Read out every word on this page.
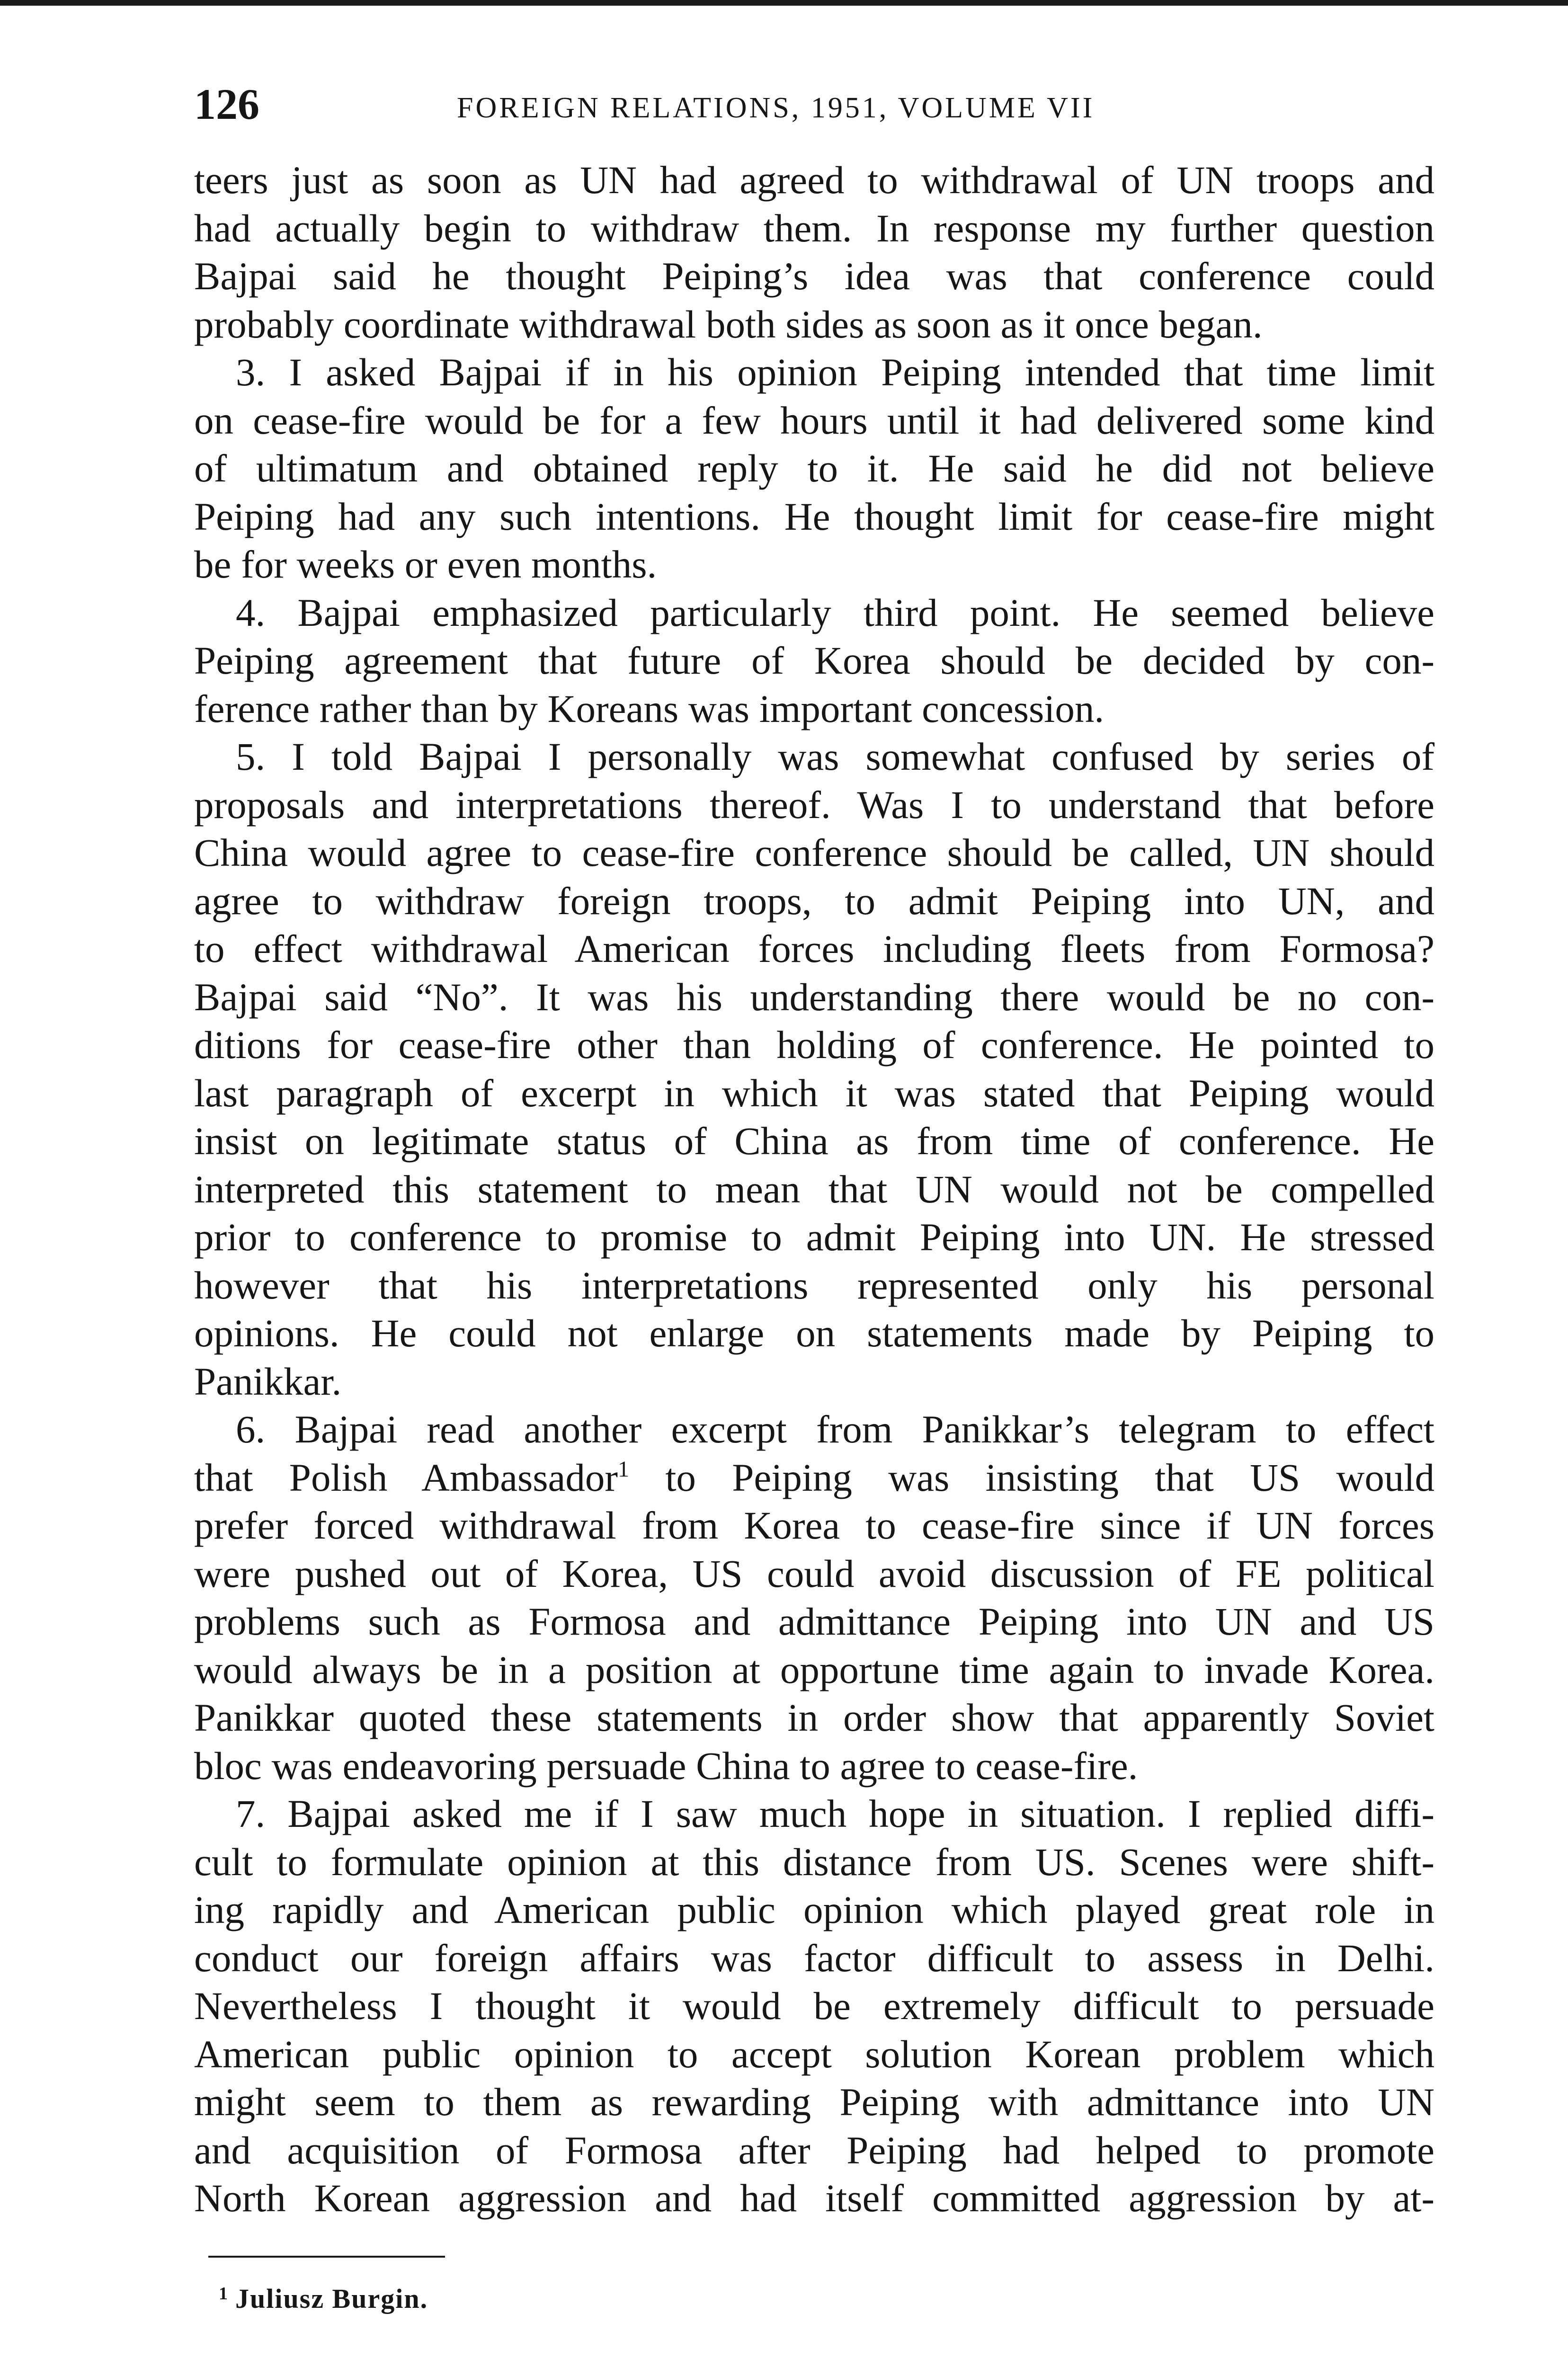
126	FOREIGN RELATIONS, 1951, VOLUME VII
teers just as soon as UN had agreed to withdrawal of UN troops and
had actually begin to withdraw them. In response my further question
Bajpai said he thought Peiping’s idea was that conference could
probably coordinate withdrawal both sides as soon as it once began.
3. I asked Bajpai if in his opinion Peiping intended that time limit
on cease-fire would be for a few hours until it had delivered some kind
of ultimatum and obtained reply to it. He said he did not believe
Peiping had any such intentions. He thought limit for cease-fire might
be for weeks or even months.
4. Bajpai emphasized particularly third point. He seemed believe
Peiping agreement that future of Korea should be decided by con-
ference rather than by Koreans was important concession.
5. I told Bajpai I personally was somewhat confused by series of
proposals and interpretations thereof. Was I to understand that before
China would agree to cease-fire conference should be called, UN should
agree to withdraw foreign troops, to admit Peiping into UN, and
to effect withdrawal American forces including fleets from Formosa?
Bajpai said “No”. It was his understanding there would be no con-
ditions for cease-fire other than holding of conference. He pointed to
last paragraph of excerpt in which it was stated that Peiping would
insist on legitimate status of China as from time of conference. He
interpreted this statement to mean that UN would not be compelled
prior to conference to promise to admit Peiping into UN. He stressed
however that his interpretations represented only his personal
opinions. He could not enlarge on statements made by Peiping to
Panikkar.
6. Bajpai read another excerpt from Panikkar’s telegram to effect
that Polish Ambassador$^1$ to Peiping was insisting that US would
prefer forced withdrawal from Korea to cease-fire since if UN forces
were pushed out of Korea, US could avoid discussion of FE political
problems such as Formosa and admittance Peiping into UN and US
would always be in a position at opportune time again to invade Korea.
Panikkar quoted these statements in order show that apparently Soviet
bloc was endeavoring persuade China to agree to cease-fire.
7. Bajpai asked me if I saw much hope in situation. I replied diffi-
cult to formulate opinion at this distance from US. Scenes were shift-
ing rapidly and American public opinion which played great role in
conduct our foreign affairs was factor difficult to assess in Delhi.
Nevertheless I thought it would be extremely difficult to persuade
American public opinion to accept solution Korean problem which
might seem to them as rewarding Peiping with admittance into UN
and acquisition of Formosa after Peiping had helped to promote
North Korean aggression and had itself committed aggression by at-
$^1$ Juliusz Burgin.
